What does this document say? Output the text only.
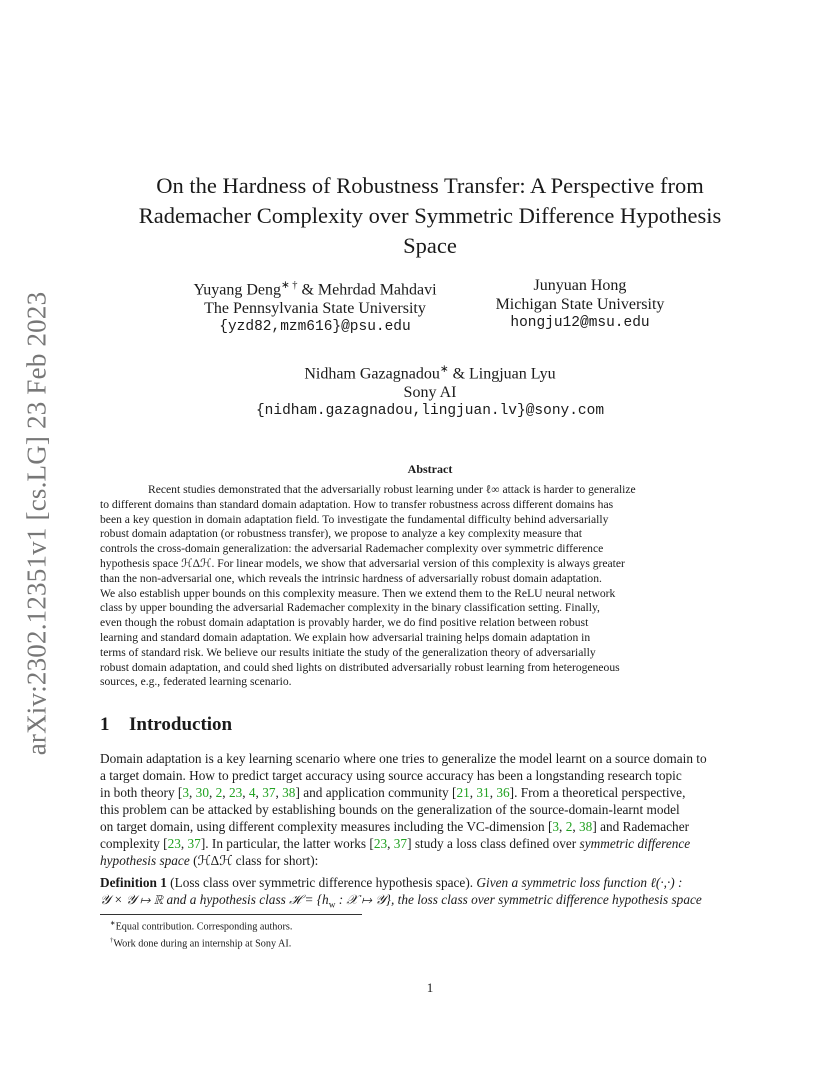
arXiv:2302.12351v1 [cs.LG] 23 Feb 2023
On the Hardness of Robustness Transfer: A Perspective from
Rademacher Complexity over Symmetric Difference Hypothesis
Space
Yuyang Deng∗ † & Mehrdad Mahdavi
The Pennsylvania State University
{yzd82,mzm616}@psu.edu
Junyuan Hong
Michigan State University
hongju12@msu.edu
Nidham Gazagnadou∗ & Lingjuan Lyu
Sony AI
{nidham.gazagnadou,lingjuan.lv}@sony.com
Abstract
Recent studies demonstrated that the adversarially robust learning under ℓ∞ attack is harder to generalize
to different domains than standard domain adaptation. How to transfer robustness across different domains has
been a key question in domain adaptation field. To investigate the fundamental difficulty behind adversarially
robust domain adaptation (or robustness transfer), we propose to analyze a key complexity measure that
controls the cross-domain generalization: the adversarial Rademacher complexity over symmetric difference
hypothesis space ℋΔℋ. For linear models, we show that adversarial version of this complexity is always greater
than the non-adversarial one, which reveals the intrinsic hardness of adversarially robust domain adaptation.
We also establish upper bounds on this complexity measure. Then we extend them to the ReLU neural network
class by upper bounding the adversarial Rademacher complexity in the binary classification setting. Finally,
even though the robust domain adaptation is provably harder, we do find positive relation between robust
learning and standard domain adaptation. We explain how adversarial training helps domain adaptation in
terms of standard risk. We believe our results initiate the study of the generalization theory of adversarially
robust domain adaptation, and could shed lights on distributed adversarially robust learning from heterogeneous
sources, e.g., federated learning scenario.
1 Introduction
Domain adaptation is a key learning scenario where one tries to generalize the model learnt on a source domain to
a target domain. How to predict target accuracy using source accuracy has been a longstanding research topic
in both theory [3, 30, 2, 23, 4, 37, 38] and application community [21, 31, 36]. From a theoretical perspective,
this problem can be attacked by establishing bounds on the generalization of the source-domain-learnt model
on target domain, using different complexity measures including the VC-dimension [3, 2, 38] and Rademacher
complexity [23, 37]. In particular, the latter works [23, 37] study a loss class defined over symmetric difference
hypothesis space (ℋΔℋ class for short):
Definition 1 (Loss class over symmetric difference hypothesis space). Given a symmetric loss function ℓ(·,·) :
𝒴 × 𝒴 ↦ ℝ and a hypothesis class ℋ = {$h_w$ : 𝒳 ↦ 𝒴}, the loss class over symmetric difference hypothesis space
∗Equal contribution. Corresponding authors.
†Work done during an internship at Sony AI.
1
